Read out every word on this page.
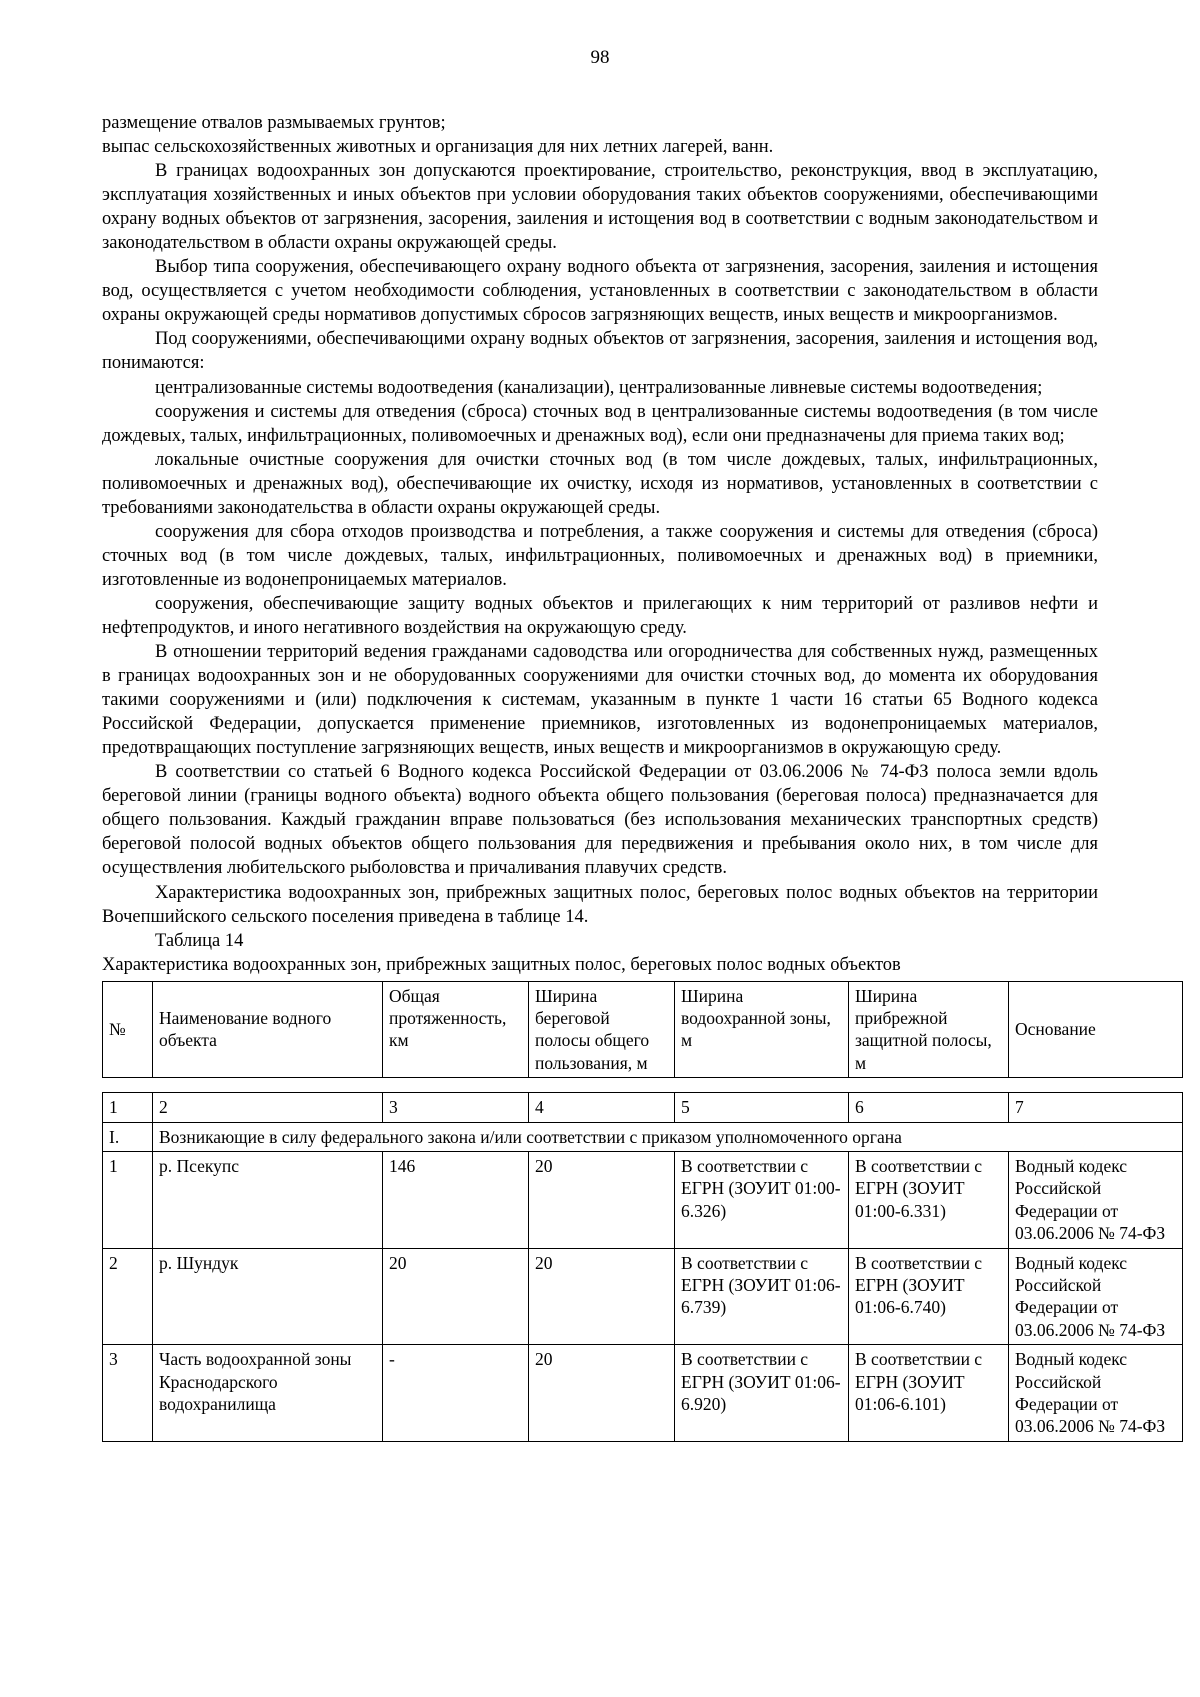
98

размещение отвалов размываемых грунтов;

выпас сельскохозяйственных животных и организация для них летних лагерей, ванн.

В границах водоохранных зон допускаются проектирование, строительство, реконструкция, ввод в эксплуатацию, эксплуатация хозяйственных и иных объектов при условии оборудования таких объектов сооружениями, обеспечивающими охрану водных объектов от загрязнения, засорения, заиления и истощения вод в соответствии с водным законодательством и законодательством в области охраны окружающей среды.

Выбор типа сооружения, обеспечивающего охрану водного объекта от загрязнения, засорения, заиления и истощения вод, осуществляется с учетом необходимости соблюдения, установленных в соответствии с законодательством в области охраны окружающей среды нормативов допустимых сбросов загрязняющих веществ, иных веществ и микроорганизмов.

Под сооружениями, обеспечивающими охрану водных объектов от загрязнения, засорения, заиления и истощения вод, понимаются:

централизованные системы водоотведения (канализации), централизованные ливневые системы водоотведения;

сооружения и системы для отведения (сброса) сточных вод в централизованные системы водоотведения (в том числе дождевых, талых, инфильтрационных, поливомоечных и дренажных вод), если они предназначены для приема таких вод;

локальные очистные сооружения для очистки сточных вод (в том числе дождевых, талых, инфильтрационных, поливомоечных и дренажных вод), обеспечивающие их очистку, исходя из нормативов, установленных в соответствии с требованиями законодательства в области охраны окружающей среды.

сооружения для сбора отходов производства и потребления, а также сооружения и системы для отведения (сброса) сточных вод (в том числе дождевых, талых, инфильтрационных, поливомоечных и дренажных вод) в приемники, изготовленные из водонепроницаемых материалов.

сооружения, обеспечивающие защиту водных объектов и прилегающих к ним территорий от разливов нефти и нефтепродуктов, и иного негативного воздействия на окружающую среду.

В отношении территорий ведения гражданами садоводства или огородничества для собственных нужд, размещенных в границах водоохранных зон и не оборудованных сооружениями для очистки сточных вод, до момента их оборудования такими сооружениями и (или) подключения к системам, указанным в пункте 1 части 16 статьи 65 Водного кодекса Российской Федерации, допускается применение приемников, изготовленных из водонепроницаемых материалов, предотвращающих поступление загрязняющих веществ, иных веществ и микроорганизмов в окружающую среду.

В соответствии со статьей 6 Водного кодекса Российской Федерации от 03.06.2006 № 74-ФЗ полоса земли вдоль береговой линии (границы водного объекта) водного объекта общего пользования (береговая полоса) предназначается для общего пользования. Каждый гражданин вправе пользоваться (без использования механических транспортных средств) береговой полосой водных объектов общего пользования для передвижения и пребывания около них, в том числе для осуществления любительского рыболовства и причаливания плавучих средств.

Характеристика водоохранных зон, прибрежных защитных полос, береговых полос водных объектов на территории Вочепшийского сельского поселения приведена в таблице 14.

Таблица 14
Характеристика водоохранных зон, прибрежных защитных полос, береговых полос водных объектов
№	Наименование водного объекта	Общая протяженность, км	Ширина береговой полосы общего пользования, м	Ширина водоохранной зоны, м	Ширина прибрежной защитной полосы, м	Основание
1	2	3	4	5	6	7
I.	Возникающие в силу федерального закона и/или соответствии с приказом уполномоченного органа					
1	р. Псекупс	146	20	В соответствии с ЕГРН (ЗОУИТ 01:00-6.326)	В соответствии с ЕГРН (ЗОУИТ 01:00-6.331)	Водный кодекс Российской Федерации от 03.06.2006 № 74-ФЗ
2	р. Шундук	20	20	В соответствии с ЕГРН (ЗОУИТ 01:06-6.739)	В соответствии с ЕГРН (ЗОУИТ 01:06-6.740)	Водный кодекс Российской Федерации от 03.06.2006 № 74-ФЗ
3	Часть водоохранной зоны Краснодарского водохранилища	-	20	В соответствии с ЕГРН (ЗОУИТ 01:06-6.920)	В соответствии с ЕГРН (ЗОУИТ 01:06-6.101)	Водный кодекс Российской Федерации от 03.06.2006 № 74-ФЗ
